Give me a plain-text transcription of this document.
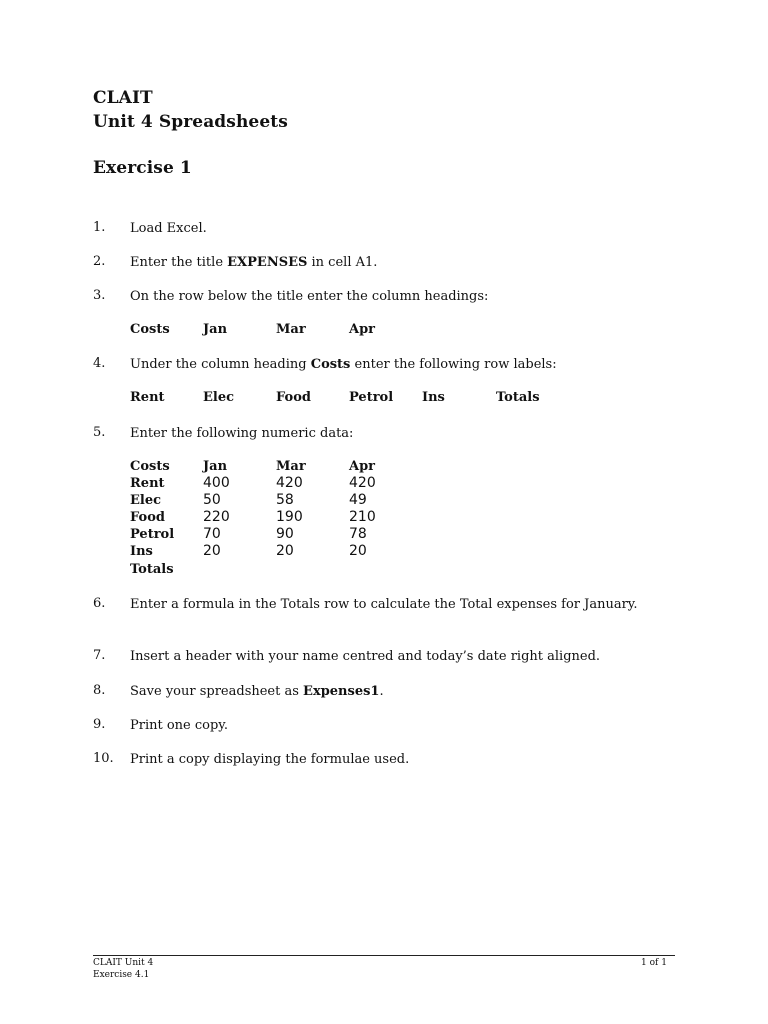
CLAIT
Unit 4 Spreadsheets
Exercise 1
1. Load Excel.
2. Enter the title EXPENSES in cell A1.
3. On the row below the title enter the column headings:
Costs	Jan	Mar	Apr
4. Under the column heading Costs enter the following row labels:
Rent	Elec	Food	Petrol Ins	Totals
5. Enter the following numeric data:
Costs	Jan	Mar	Apr
Rent	400	420	420
Elec	50	58	49
Food	220	190	210
Petrol 70	90	78
Ins	20	20	20
Totals
6. Enter a formula in the Totals row to calculate the Total expenses for January.
7. Insert a header with your name centred and today’s date right aligned.
8. Save your spreadsheet as Expenses1.
9. Print one copy.
10. Print a copy displaying the formulae used.
CLAIT Unit 4
Exercise 4.1
1 of 1
